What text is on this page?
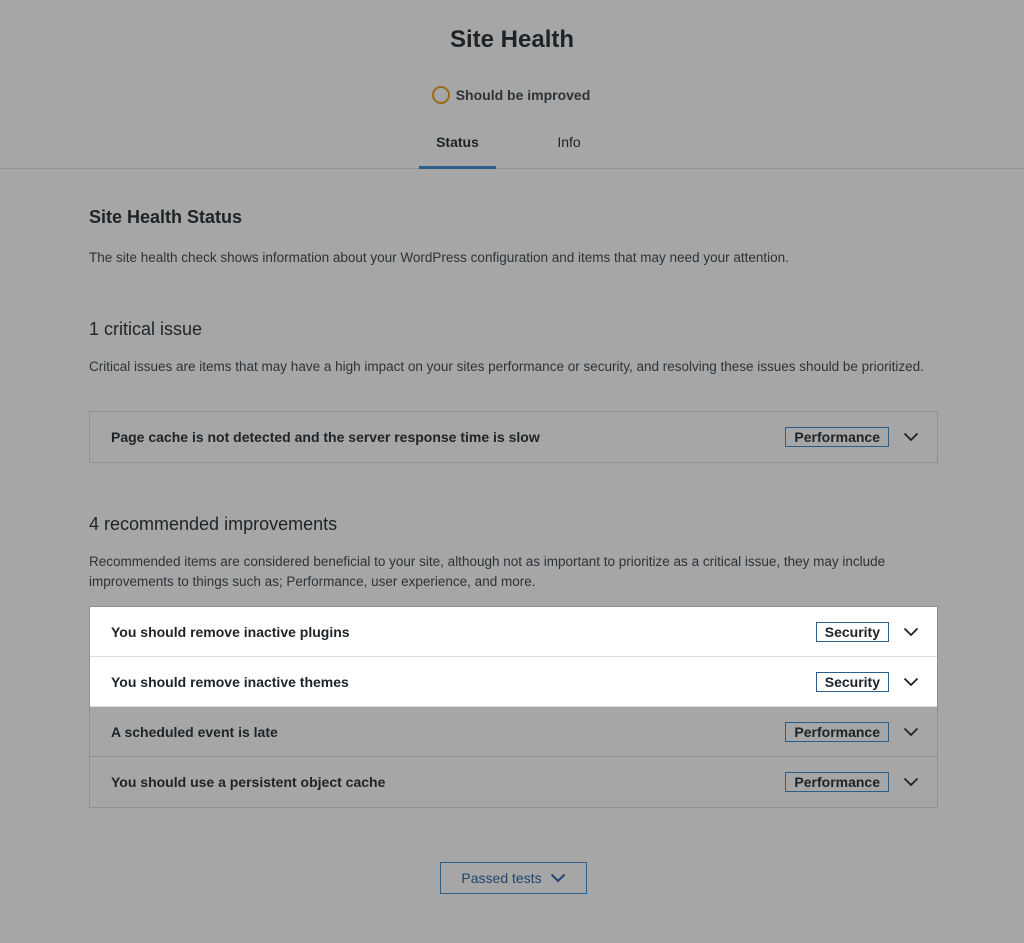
Site Health
Should be improved
Status	Info
Site Health Status

The site health check shows information about your WordPress configuration and items that may need your attention.

1 critical issue

Critical issues are items that may have a high impact on your sites performance or security, and resolving these issues should be prioritized.

Page cache is not detected and the server response time is slow	Performance
4 recommended improvements

Recommended items are considered beneficial to your site, although not as important to prioritize as a critical issue, they may include improvements to things such as; Performance, user experience, and more.

You should remove inactive plugins	Security
You should remove inactive themes	Security
A scheduled event is late	Performance
You should use a persistent object cache	Performance
Passed tests
